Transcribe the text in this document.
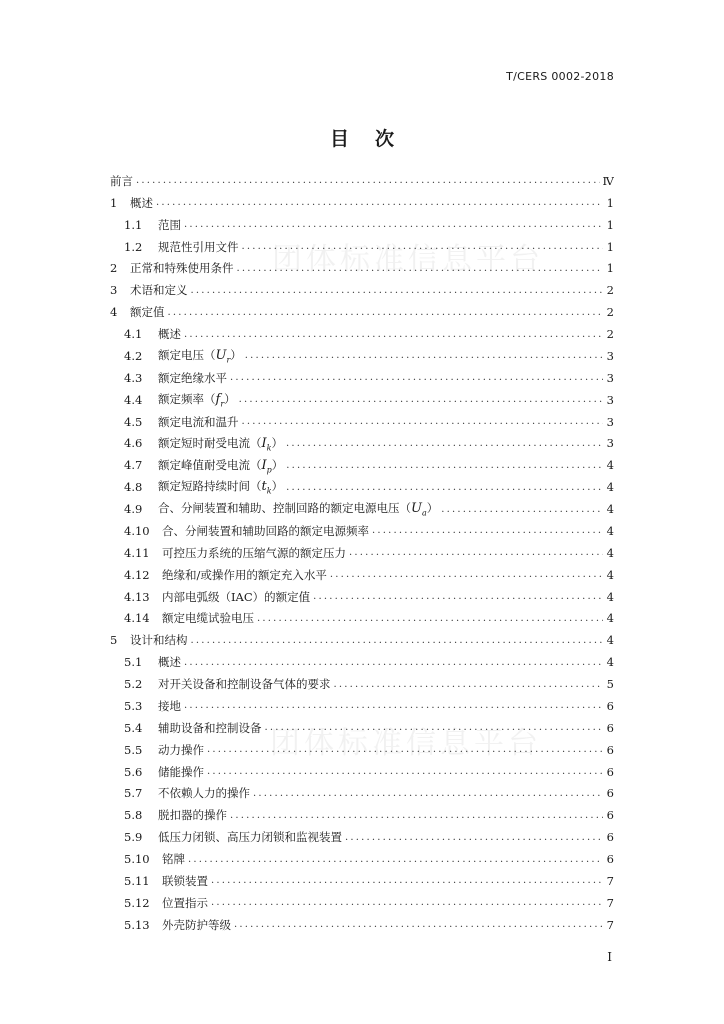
T/CERS 0002-2018
目 次
团体标准信息平台
团体标准信息平台
前言 .....	Ⅳ
1	概述 .....	1
1.1	范围 .....	1
1.2	规范性引用文件 .....	1
2	正常和特殊使用条件 .....	1
3	术语和定义 .....	2
4	额定值 .....	2
4.1	概述 .....	2
4.2	额定电压$(U_r)$ .....	3
4.3	额定绝缘水平 .....	3
4.4	额定频率$(f_r)$ .....	3
4.5	额定电流和温升 .....	3
4.6	额定短时耐受电流$(I_k)$ .....	3
4.7	额定峰值耐受电流$(I_p)$ .....	4
4.8	额定短路持续时间$(t_k)$ .....	4
4.9	合、分闸装置和辅助、控制回路的额定电源电压$(U_a)$ .....	4
4.10	合、分闸装置和辅助回路的额定电源频率 .....	4
4.11	可控压力系统的压缩气源的额定压力 .....	4
4.12	绝缘和/或操作用的额定充入水平 .....	4
4.13	内部电弧级（IAC）的额定值 .....	4
4.14	额定电缆试验电压 .....	4
5	设计和结构 .....	4
5.1	概述 .....	4
5.2	对开关设备和控制设备气体的要求 .....	5
5.3	接地 .....	6
5.4	辅助设备和控制设备 .....	6
5.5	动力操作 .....	6
5.6	储能操作 .....	6
5.7	不依赖人力的操作 .....	6
5.8	脱扣器的操作 .....	6
5.9	低压力闭锁、高压力闭锁和监视装置 .....	6
5.10	铭牌 .....	6
5.11	联锁装置 .....	7
5.12	位置指示 .....	7
5.13	外壳防护等级 .....	7
I
